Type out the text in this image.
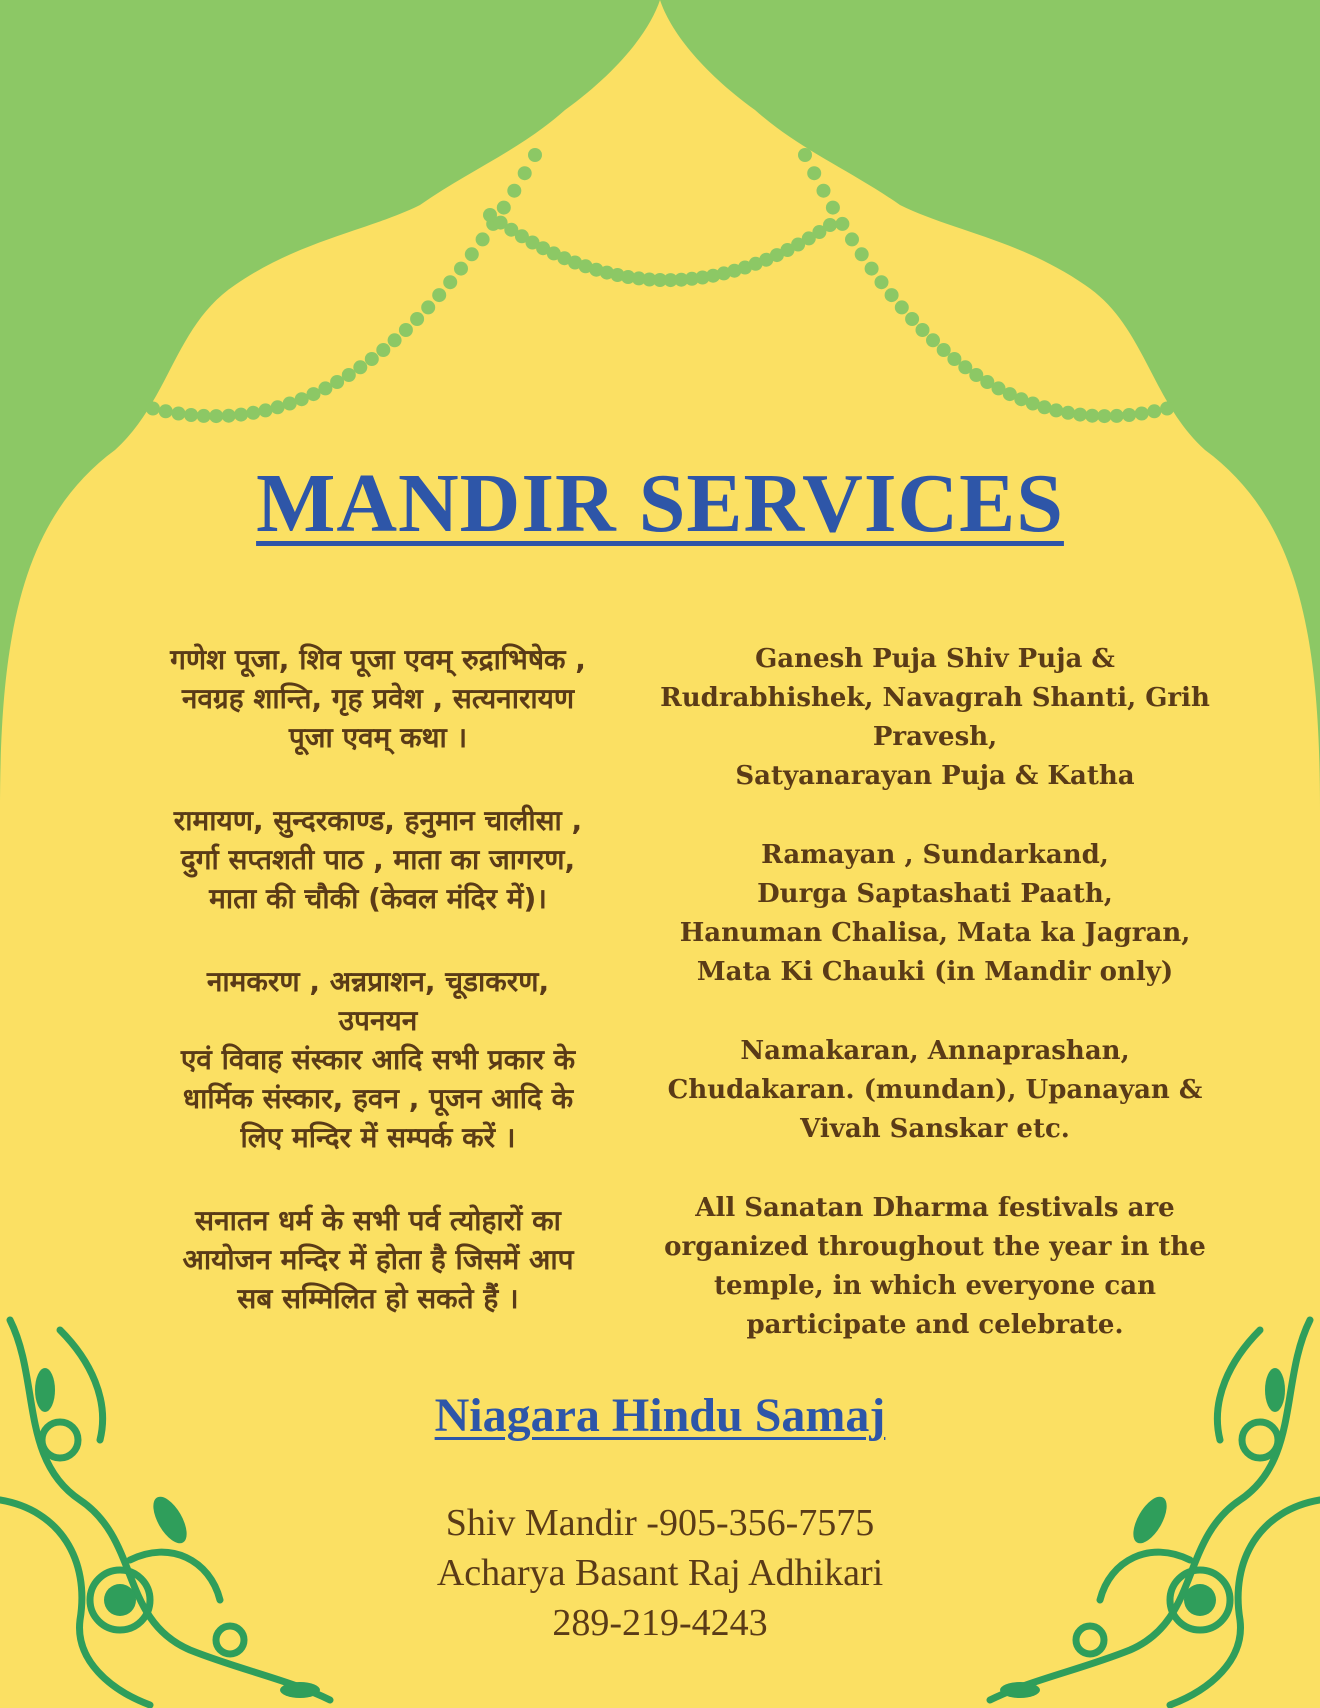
MANDIR SERVICES

गणेश पूजा, शिव पूजा एवम् रुद्राभिषेक ,
नवग्रह शान्ति, गृह प्रवेश , सत्यनारायण
पूजा एवम् कथा ।

रामायण, सुन्दरकाण्ड, हनुमान चालीसा ,
दुर्गा सप्तशती पाठ , माता का जागरण,
माता की चौकी (केवल मंदिर में)।

नामकरण , अन्नप्राशन, चूडाकरण,
उपनयन
एवं विवाह संस्कार आदि सभी प्रकार के
धार्मिक संस्कार, हवन , पूजन आदि के
लिए मन्दिर में सम्पर्क करें ।

सनातन धर्म के सभी पर्व त्योहारों का
आयोजन मन्दिर में होता है जिसमें आप
सब सम्मिलित हो सकते हैं ।

Ganesh Puja Shiv Puja &
Rudrabhishek, Navagrah Shanti, Grih
Pravesh,
Satyanarayan Puja & Katha

Ramayan , Sundarkand,
Durga Saptashati Paath,
Hanuman Chalisa, Mata ka Jagran,
Mata Ki Chauki (in Mandir only)

Namakaran, Annaprashan,
Chudakaran. (mundan), Upanayan &
Vivah Sanskar etc.

All Sanatan Dharma festivals are
organized throughout the year in the
temple, in which everyone can
participate and celebrate.

Niagara Hindu Samaj
Shiv Mandir -905-356-7575
Acharya Basant Raj Adhikari
289-219-4243
